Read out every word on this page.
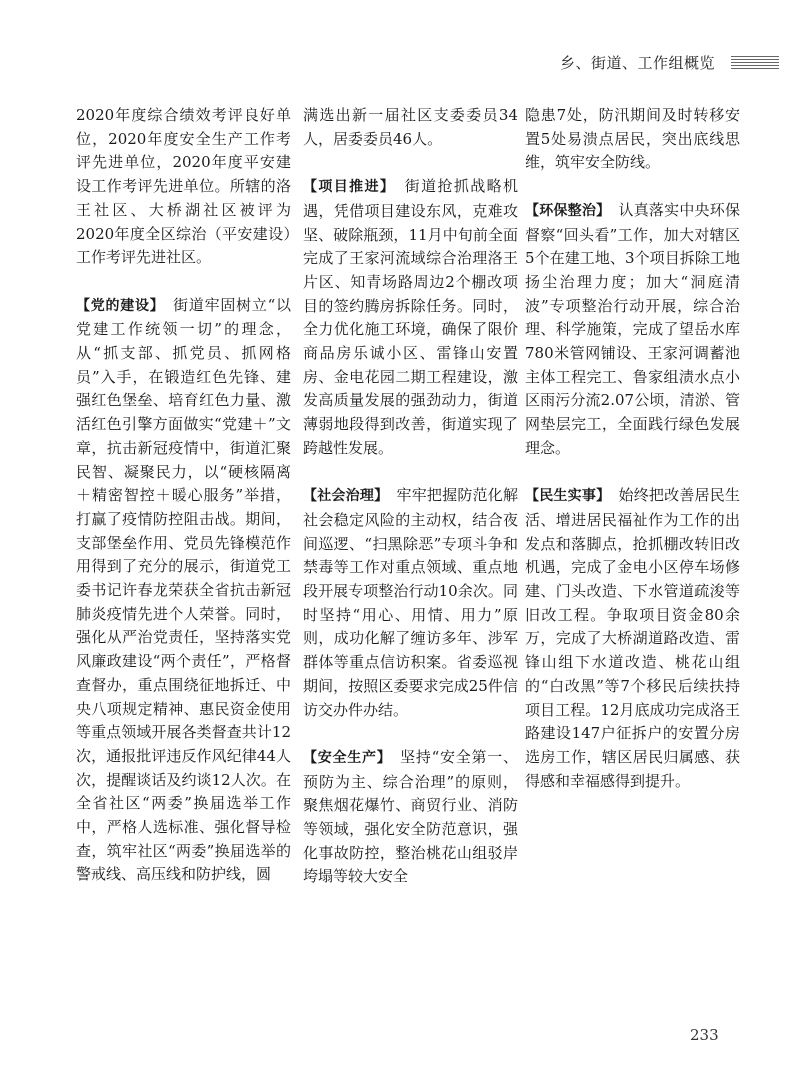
乡、街道、工作组概览

2020年度综合绩效考评良好单位，2020年度安全生产工作考评先进单位，2020年度平安建设工作考评先进单位。所辖的洛王社区、大桥湖社区被评为2020年度全区综治（平安建设）工作考评先进社区。

【党的建设】　街道牢固树立“以党建工作统领一切”的理念，从“抓支部、抓党员、抓网格员”入手，在锻造红色先锋、建强红色堡垒、培育红色力量、激活红色引擎方面做实“党建＋”文章，抗击新冠疫情中，街道汇聚民智、凝聚民力，以“硬核隔离＋精密智控＋暖心服务”举措，打赢了疫情防控阻击战。期间，支部堡垒作用、党员先锋模范作用得到了充分的展示，街道党工委书记许春龙荣获全省抗击新冠肺炎疫情先进个人荣誉。同时，强化从严治党责任，坚持落实党风廉政建设“两个责任”，严格督查督办，重点围绕征地拆迁、中央八项规定精神、惠民资金使用等重点领域开展各类督查共计12次，通报批评违反作风纪律44人次，提醒谈话及约谈12人次。在全省社区“两委”换届选举工作中，严格人选标准、强化督导检查，筑牢社区“两委”换届选举的警戒线、高压线和防护线，圆

满选出新一届社区支委委员34人，居委委员46人。

【项目推进】　街道抢抓战略机遇，凭借项目建设东风，克难攻坚、破除瓶颈，11月中旬前全面完成了王家河流域综合治理洛王片区、知青场路周边2个棚改项目的签约腾房拆除任务。同时，全力优化施工环境，确保了限价商品房乐诚小区、雷锋山安置房、金电花园二期工程建设，激发高质量发展的强劲动力，街道薄弱地段得到改善，街道实现了跨越性发展。

【社会治理】　牢牢把握防范化解社会稳定风险的主动权，结合夜间巡逻、“扫黑除恶”专项斗争和禁毒等工作对重点领域、重点地段开展专项整治行动10余次。同时坚持“用心、用情、用力”原则，成功化解了缠访多年、涉军群体等重点信访积案。省委巡视期间，按照区委要求完成25件信访交办件办结。

【安全生产】　坚持“安全第一、预防为主、综合治理”的原则，聚焦烟花爆竹、商贸行业、消防等领域，强化安全防范意识，强化事故防控，整治桃花山组驳岸垮塌等较大安全

隐患7处，防汛期间及时转移安置5处易溃点居民，突出底线思维，筑牢安全防线。

【环保整治】　认真落实中央环保督察“回头看”工作，加大对辖区5个在建工地、3个项目拆除工地扬尘治理力度；加大“洞庭清波”专项整治行动开展，综合治理、科学施策，完成了望岳水库780米管网铺设、王家河调蓄池主体工程完工、鲁家组渍水点小区雨污分流2.07公顷，清淤、管网垫层完工，全面践行绿色发展理念。

【民生实事】　始终把改善居民生活、增进居民福祉作为工作的出发点和落脚点，抢抓棚改转旧改机遇，完成了金电小区停车场修建、门头改造、下水管道疏浚等旧改工程。争取项目资金80余万，完成了大桥湖道路改造、雷锋山组下水道改造、桃花山组的“白改黑”等7个移民后续扶持项目工程。12月底成功完成洛王路建设147户征拆户的安置分房选房工作，辖区居民归属感、获得感和幸福感得到提升。

233
